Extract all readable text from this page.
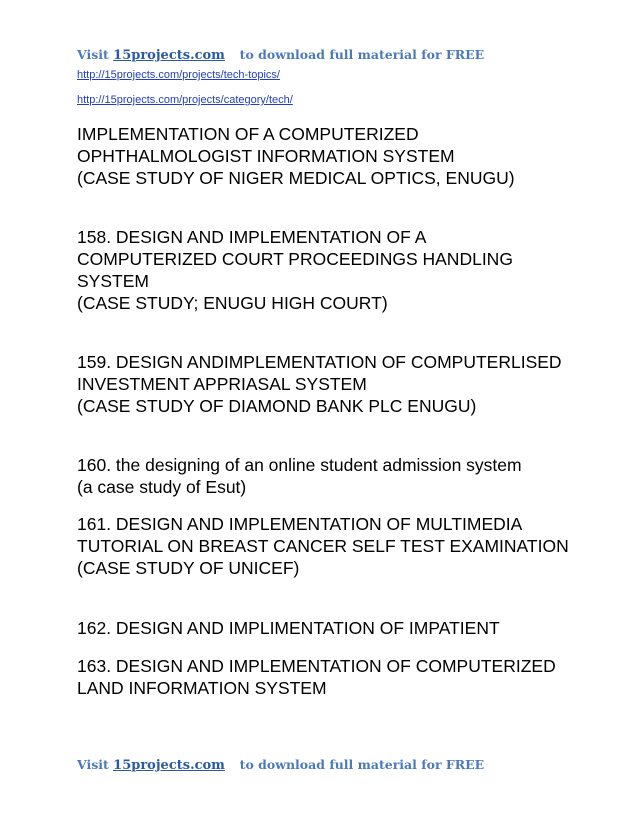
Visit 15projects.com to download full material for FREE
http://15projects.com/projects/tech-topics/
http://15projects.com/projects/category/tech/
IMPLEMENTATION OF A COMPUTERIZED
OPHTHALMOLOGIST INFORMATION SYSTEM
(CASE STUDY OF NIGER MEDICAL OPTICS, ENUGU)
158. DESIGN AND IMPLEMENTATION OF A
COMPUTERIZED COURT PROCEEDINGS HANDLING
SYSTEM
(CASE STUDY; ENUGU HIGH COURT)
159. DESIGN ANDIMPLEMENTATION OF COMPUTERLISED
INVESTMENT APPRIASAL SYSTEM
(CASE STUDY OF DIAMOND BANK PLC ENUGU)
160. the designing of an online student admission system
(a case study of Esut)
161. DESIGN AND IMPLEMENTATION OF MULTIMEDIA
TUTORIAL ON BREAST CANCER SELF TEST EXAMINATION
(CASE STUDY OF UNICEF)
162. DESIGN AND IMPLIMENTATION OF IMPATIENT
163. DESIGN AND IMPLEMENTATION OF COMPUTERIZED
LAND INFORMATION SYSTEM
Visit 15projects.com to download full material for FREE
